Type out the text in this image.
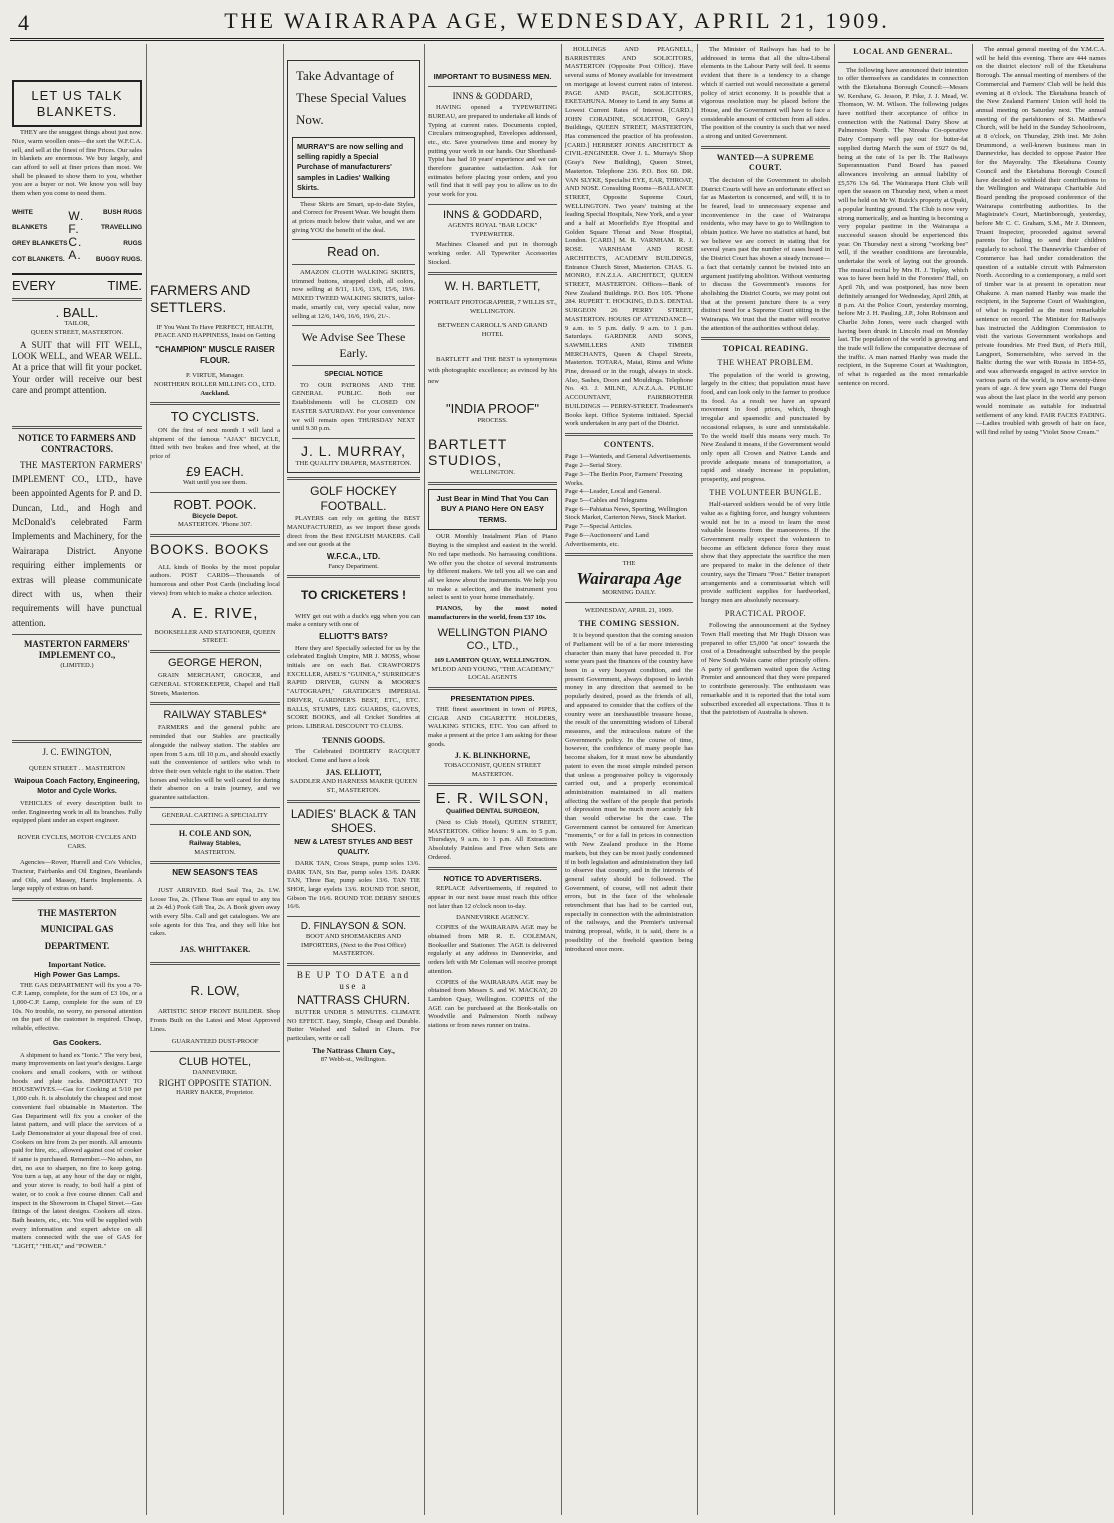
4	THE WAIRARAPA AGE, WEDNESDAY, APRIL 21, 1909.
LET US TALK BLANKETS.

THEY are the snuggest things about just now. Nice, warm woollen ones—the sort the W.F.C.A. sell, and sell at the finest of fine Prices. Our sales in blankets are enormous. We buy largely, and can afford to sell at finer prices than most. We shall be pleased to show them to you, whether you are a buyer or not. We know you will buy them when you come to need them.

WHITE BLANKETS
GREY BLANKETS
COT BLANKETS.
W.F.C.A.
BUSH RUGS
TRAVELLING RUGS
BUGGY RUGS.
EVERY	TIME.
. BALL.
TAILOR,
QUEEN STREET, MASTERTON.

A SUIT that will FIT WELL, LOOK WELL, and WEAR WELL. At a price that will fit your pocket. Your order will receive our best care and prompt attention.

NOTICE TO FARMERS AND CONTRACTORS.

THE MASTERTON FARMERS' IMPLEMENT CO., LTD., have been appointed Agents for P. and D. Duncan, Ltd., and Hogh and McDonald's celebrated Farm Implements and Machinery, for the Wairarapa District. Anyone requiring either implements or extras will please communicate direct with us, when their requirements will have punctual attention.

MASTERTON FARMERS' IMPLEMENT CO.,
(LIMITED.)
J. C. EWINGTON,
QUEEN STREET . . MASTERTON
Waipoua Coach Factory, Engineering, Motor and Cycle Works.

VEHICLES of every description built to order. Engineering work in all its branches. Fully equipped plant under an expert engineer.

ROVER CYCLES, MOTOR CYCLES AND CARS.

Agencies—Rover, Hurrell and Co's Vehicles, Tracteur, Fairbanks and Oil Engines, Beanlands and Oils, and Massey, Harris Implements. A large supply of extras on hand.

THE MASTERTON MUNICIPAL GAS DEPARTMENT.
Important Notice.
High Power Gas Lamps.

THE GAS DEPARTMENT will fix you a 70-C.P. Lamp, complete, for the sum of £3 10s, or a 1,000-C.P. Lamp, complete for the sum of £9 10s. No trouble, no worry, no personal attention on the part of the customer is required. Cheap, reliable, effective.

Gas Cookers.

A shipment to hand ex "Ionic." The very best, many improvements on last year's designs. Large cookers and small cookers, with or without hoods and plate racks. IMPORTANT TO HOUSEWIVES.—Gas for Cooking at 5/10 per 1,000 cub. ft. is absolutely the cheapest and most convenient fuel obtainable in Masterton. The Gas Department will fix you a cooker of the latest pattern, and will place the services of a Lady Demonstrator at your disposal free of cost. Cookers on hire from 2s per month. All amounts paid for hire, etc., allowed against cost of cooker if same is purchased. Remember.—No ashes, no dirt, no axe to sharpen, no fire to keep going. You turn a tap, at any hour of the day or night, and your stove is ready, to boil half a pint of water, or to cook a five course dinner. Call and inspect in the Showroom in Chapel Street.—Gas fittings of the latest designs. Cookers all sizes. Bath heaters, etc., etc. You will be supplied with every information and expert advice on all matters connected with the use of GAS for "LIGHT," "HEAT," and "POWER."

FARMERS AND SETTLERS.

IF You Want To Have PERFECT, HEALTH, PEACE AND HAPPINESS, Insist on Getting

"CHAMPION" MUSCLE RAISER FLOUR.
P. VIRTUE, Manager.
NORTHERN ROLLER MILLING CO., LTD.
Auckland.
TO CYCLISTS.

ON the first of next month I will land a shipment of the famous "AJAX" BICYCLE, fitted with two brakes and free wheel, at the price of

£9 EACH.
Wait until you see them.
ROBT. POOK.
Bicycle Depot.
MASTERTON. 'Phone 307.
BOOKS. BOOKS

ALL kinds of Books by the most popular authors. POST CARDS—Thousands of humorous and other Post Cards (including local views) from which to make a choice selection.

A. E. RIVE,
BOOKSELLER AND STATIONER, QUEEN STREET.
GEORGE HERON,

GRAIN MERCHANT, GROCER, and GENERAL STOREKEEPER, Chapel and Hall Streets, Masterton.

RAILWAY STABLES*

FARMERS and the general public are reminded that our Stables are practically alongside the railway station. The stables are open from 5 a.m. till 10 p.m., and should exactly suit the convenience of settlers who wish to drive their own vehicle right to the station. Their horses and vehicles will be well cared for during their absence on a train journey, and we guarantee satisfaction.

GENERAL CARTING A SPECIALITY
H. COLE AND SON,
Railway Stables,
MASTERTON.
NEW SEASON'S TEAS

JUST ARRIVED. Red Seal Tea, 2s. I.W. Loose Tea, 2s. (These Teas are equal to any tea at 2s 4d.) Pook Gift Tea, 2s. A Book given away with every 5lbs. Call and get catalogues. We are sole agents for this Tea, and they sell like hot cakes.

JAS. WHITTAKER.
R. LOW,

ARTISTIC SHOP FRONT BUILDER. Shop Fronts Built on the Latest and Most Approved Lines.

GUARANTEED DUST-PROOF
CLUB HOTEL,
DANNEVIRKE.
RIGHT OPPOSITE STATION.
HARRY BAKER, Proprietor.
Take Advantage of These Special Values Now.
MURRAY'S are now selling and selling rapidly a Special Purchase of manufacturers' samples in Ladies' Walking Skirts.

These Skirts are Smart, up-to-date Styles, and Correct for Present Wear. We bought them at prices much below their value, and we are giving YOU the benefit of the deal.

Read on.

AMAZON CLOTH WALKING SKIRTS, trimmed buttons, strapped cloth, all colors, now selling at 8/11, 11/6, 13/6, 15/6, 19/6. MIXED TWEED WALKING SKIRTS, tailor-made, smartly cut, very special value, now selling at 12/6, 14/6, 16/6, 19/6, 21/-.

We Advise See These Early.
SPECIAL NOTICE

TO OUR PATRONS AND THE GENERAL PUBLIC. Both our Establishments will be CLOSED ON EASTER SATURDAY. For your convenience we will remain open THURSDAY NEXT until 9.30 p.m.

J. L. MURRAY,
THE QUALITY DRAPER, MASTERTON.
GOLF HOCKEY FOOTBALL.

PLAYERS can rely on getting the BEST MANUFACTURED, as we import these goods direct from the Best ENGLISH MAKERS. Call and see our goods at the

W.F.C.A., LTD.
Fancy Department.
TO CRICKETERS !

WHY get out with a duck's egg when you can make a century with one of

ELLIOTT'S BATS?

Here they are! Specially selected for us by the celebrated English Umpire, MR J. MOSS, whose initials are on each Bat. CRAWFORD'S EXCELLER, ABEL'S "GUINEA," SURRIDGE'S RAPID DRIVER, GUNN & MOORE'S "AUTOGRAPH," GRATIDGE'S IMPERIAL DRIVER, GARDNER'S BEST, ETC., ETC. BALLS, STUMPS, LEG GUARDS, GLOVES, SCORE BOOKS, and all Cricket Sundries at prices. LIBERAL DISCOUNT TO CLUBS.

TENNIS GOODS.

The Celebrated DOHERTY RACQUET stocked. Come and have a look

JAS. ELLIOTT,
SADDLER AND HARNESS MAKER QUEEN ST., MASTERTON.
LADIES' BLACK & TAN SHOES.
NEW & LATEST STYLES AND BEST QUALITY.

DARK TAN, Cross Straps, pump soles 13/6. DARK TAN, Six Bar, pump soles 13/6. DARK TAN, Three Bar, pump soles 13/6. TAN TIE SHOE, large eyelets 13/6. ROUND TOE SHOE, Gibson Tie 16/6. ROUND TOE DERBY SHOES 16/6.

D. FINLAYSON & SON.
BOOT AND SHOEMAKERS AND IMPORTERS, (Next to the Post Office) MASTERTON.
BE UP TO DATE and use a
NATTRASS CHURN.

BUTTER UNDER 5 MINUTES. CLIMATE NO EFFECT. Easy, Simple, Cheap and Durable. Butter Washed and Salted in Churn. For particulars, write or call

The Nattrass Churn Coy.,
87 Webb-st., Wellington.
IMPORTANT TO BUSINESS MEN.
INNS & GODDARD,

HAVING opened a TYPEWRITING BUREAU, are prepared to undertake all kinds of Typing at current rates. Documents copied, Circulars mimeographed, Envelopes addressed, etc., etc. Save yourselves time and money by putting your work in our hands. Our Shorthand-Typist has had 10 years' experience and we can therefore guarantee satisfaction. Ask for estimates before placing your orders, and you will find that it will pay you to allow us to do your work for you.

INNS & GODDARD,
AGENTS ROYAL "BAR LOCK" TYPEWRITER.

Machines Cleaned and put in thorough working order. All Typewriter Accessories Stocked.

W. H. BARTLETT,
PORTRAIT PHOTOGRAPHER, 7 WILLIS ST., WELLINGTON.
BETWEEN CARROLL'S AND GRAND HOTEL

BARTLETT and THE BEST is synonymous with photographic excellence; as evinced by his new

"INDIA PROOF"
PROCESS.
BARTLETT STUDIOS,
WELLINGTON.
Just Bear in Mind That You Can BUY A PIANO Here ON EASY TERMS.

OUR Monthly Instalment Plan of Piano Buying is the simplest and easiest in the world. No red tape methods. No harrassing conditions. We offer you the choice of several instruments by different makers. We tell you all we can and all we know about the instruments. We help you to make a selection, and the instrument you select is sent to your home immediately.

PIANOS, by the most noted manufacturers in the world, from £37 10s.

WELLINGTON PIANO CO., LTD.,
169 LAMBTON QUAY, WELLINGTON.
M'LEOD AND YOUNG, "THE ACADEMY," LOCAL AGENTS
PRESENTATION PIPES.

THE finest assortment in town of PIPES, CIGAR AND CIGARETTE HOLDERS, WALKING STICKS, ETC. You can afford to make a present at the price I am asking for these goods.

J. K. BLINKHORNE,
TOBACCONIST, QUEEN STREET MASTERTON.
E. R. WILSON,
Qualified DENTAL SURGEON,

(Next to Club Hotel), QUEEN STREET, MASTERTON. Office hours: 9 a.m. to 5 p.m. Thursdays, 9 a.m. to 1 p.m. All Extractions Absolutely Painless and Free when Sets are Ordered.

NOTICE TO ADVERTISERS.

REPLACE Advertisements, if required to appear in our next issue must reach this office not later than 12 o'clock noon to-day.

DANNEVIRKE AGENCY.

COPIES of the WAIRARAPA AGE may be obtained from MR R. E. COLEMAN, Bookseller and Stationer. The AGE is delivered regularly at any address in Dannevirke, and orders left with Mr Coleman will receive prompt attention.

COPIES of the WAIRARAPA AGE may be obtained from Messrs S. and W. MACKAY, 20 Lambton Quay, Wellington. COPIES of the AGE can be purchased at the Book-stalls on Woodville and Palmerston North railway stations or from news runner on trains.

HOLLINGS AND PEAGNELL, BARRISTERS AND SOLICITORS, MASTERTON (Opposite Post Office). Have several sums of Money available for investment on mortgage at lowest current rates of interest. PAGE AND PAGE, SOLICITORS, EKETAHUNA. Money to Lend in any Sums at Lowest Current Rates of Interest. [CARD.] JOHN CORADINE, SOLICITOR, Grey's Buildings, QUEEN STREET, MASTERTON, Has commenced the practice of his profession. [CARD.] HERBERT JONES ARCHITECT & CIVIL-ENGINEER. Over J. L. Murray's Shop (Gray's New Building), Queen Street, Masterton. Telephone 236. P.O. Box 60. DR. VAN SLYKE, Specialist EYE, EAR, THROAT, AND NOSE. Consulting Rooms—BALLANCE STREET, Opposite Supreme Court, WELLINGTON. Two years' training at the leading Special Hospitals, New York, and a year and a half at Moorfield's Eye Hospital and Golden Square Throat and Nose Hospital, London. [CARD.] M. R. VARNHAM. R. J. ROSE. VARNHAM AND ROSE ARCHITECTS, ACADEMY BUILDINGS, Entrance Church Street, Masterton. CHAS. G. MONRO, F.N.Z.I.A. ARCHITECT, QUEEN STREET, MASTERTON. Offices—Bank of New Zealand Buildings. P.O. Box 105. 'Phone 284. RUPERT T. HOCKING, D.D.S. DENTAL SURGEON 26 PERRY STREET, MASTERTON. HOURS OF ATTENDANCE—9 a.m. to 5 p.m. daily. 9 a.m. to 1 p.m. Saturdays. GARDNER AND SONS, SAWMILLERS AND TIMBER MERCHANTS, Queen & Chapel Streets, Masterton. TOTARA, Matai, Rimu and White Pine, dressed or in the rough, always in stock. Also, Sashes, Doors and Mouldings. Telephone No. 43. J. MILNE, A.N.Z.A.A. PUBLIC ACCOUNTANT, FAIRBROTHER BUILDINGS — PERRY-STREET. Tradesmen's Books kept. Office Systems initiated. Special work undertaken in any part of the District.

CONTENTS.
Page 1—Wanteds, and General Advertisements.
Page 2—Serial Story.
Page 3—The Berlin Poor, Farmers' Freezing Works.
Page 4—Leader, Local and General.
Page 5—Cables and Telegrams
Page 6—Pahiatua News, Sporting, Wellington Stock Market, Carterton News, Stock Market.
Page 7—Special Articles.
Page 8—Auctioneers' and Land Advertisements, etc.
THE
Wairarapa Age
MORNING DAILY.
WEDNESDAY, APRIL 21, 1909.
THE COMING SESSION.

It is beyond question that the coming session of Parliament will be of a far more interesting character than many that have preceded it. For some years past the finances of the country have been in a very buoyant condition, and the present Government, always disposed to lavish money in any direction that seemed to be popularly desired, posed as the friends of all, and appeared to consider that the coffers of the country were an inexhaustible treasure house, the result of the unremitting wisdom of Liberal measures, and the miraculous nature of the Government's policy. In the course of time, however, the confidence of many people has become shaken, for it must now be abundantly patent to even the most simple minded person that unless a progressive policy is vigorously carried out, and a properly economical administration maintained in all matters affecting the welfare of the people that periods of depression must be much more acutely felt than would otherwise be the case. The Government cannot be censured for American "moments," or for a fall in prices in connection with New Zealand produce in the Home markets, but they can be most justly condemned if in both legislation and administration they fail to observe that country, and in the interests of general safety should be followed. The Government, of course, will not admit their errors, but in the face of the wholesale retrenchment that has had to be carried out, especially in connection with the administration of the railways, and the Premier's universal training proposal, while, it is said, there is a possibility of the freehold question being introduced once more.

The Minister of Railways has had to be addressed in terms that all the ultra-Liberal elements in the Labour Party will feel. It seems evident that there is a tendency to a change which if carried out would necessitate a general policy of strict economy. It is possible that a vigorous resolution may be placed before the House, and the Government will have to face a considerable amount of criticism from all sides. The position of the country is such that we need a strong and united Government.

WANTED—A SUPREME COURT.

The decision of the Government to abolish District Courts will have an unfortunate effect so far as Masterton is concerned, and will, it is to be feared, lead to unnecessary expense and inconvenience in the case of Wairarapa residents, who may have to go to Wellington to obtain justice. We have no statistics at hand, but we believe we are correct in stating that for several years past the number of cases heard in the District Court has shown a steady increase—a fact that certainly cannot be twisted into an argument justifying abolition. Without venturing to discuss the Government's reasons for abolishing the District Courts, we may point out that at the present juncture there is a very distinct need for a Supreme Court sitting in the Wairarapa. We trust that the matter will receive the attention of the authorities without delay.

TOPICAL READING.
THE WHEAT PROBLEM.

The population of the world is growing, largely in the cities; that population must have food, and can look only to the farmer to produce its food. As a result we have an upward movement in food prices, which, though irregular and spasmodic and punctuated by occasional relapses, is sure and unmistakable. To the world itself this means very much. To New Zealand it means, if the Government would only open all Crown and Native Lands and provide adequate means of transportation, a rapid and steady increase in population, prosperity, and progress.

THE VOLUNTEER BUNGLE.

Half-starved soldiers would be of very little value as a fighting force, and hungry volunteers would not be in a mood to learn the most valuable lessons from the manoeuvres. If the Government really expect the volunteers to become an efficient defence force they must show that they appreciate the sacrifice the men are prepared to make in the defence of their country, says the Timaru "Post." Better transport arrangements and a commissariat which will provide sufficient supplies for hardworked, hungry men are absolutely necessary.

PRACTICAL PROOF.

Following the announcement at the Sydney Town Hall meeting that Mr Hugh Dixson was prepared to offer £5,000 "at once" towards the cost of a Dreadnought subscribed by the people of New South Wales came other princely offers. A party of gentlemen waited upon the Acting Premier and announced that they were prepared to contribute generously. The enthusiasm was remarkable and it is reported that the total sum subscribed exceeded all expectations. Thus it is that the patriotism of Australia is shown.

LOCAL AND GENERAL.

The following have announced their intention to offer themselves as candidates in connection with the Eketahuna Borough Council:—Messrs W. Kershaw, G. Jesson, P. Fike, J. J. Mead, W. Thomson, W. M. Wilson. The following judges have notified their acceptance of office in connection with the National Dairy Show at Palmerston North. The Nireaha Co-operative Dairy Company will pay out for butter-fat supplied during March the sum of £927 0s 9d, being at the rate of 1s per lb. The Railways Superannuation Fund Board has passed allowances involving an annual liability of £5,576 13s 6d. The Wairarapa Hunt Club will open the season on Thursday next, when a meet will be held on Mr W. Buick's property at Opaki, a popular hunting ground. The Club is now very strong numerically, and as hunting is becoming a very popular pastime in the Wairarapa a successful season should be experienced this year. On Thursday next a strong "working bee" will, if the weather conditions are favourable, undertake the work of laying out the grounds. The musical recital by Mrs H. J. Teplay, which was to have been held in the Foresters' Hall, on April 7th, and was postponed, has now been definitely arranged for Wednesday, April 28th, at 8 p.m. At the Police Court, yesterday morning, before Mr J. H. Pauling, J.P., John Robinson and Charlie John Jones, were each charged with having been drunk in Lincoln road on Monday last. The population of the world is growing and the trade will follow the comparative decrease of the traffic. A man named Hanby was made the recipient, in the Supreme Court at Washington, of what is regarded as the most remarkable sentence on record.

The annual general meeting of the Y.M.C.A. will be held this evening. There are 444 names on the district electors' roll of the Eketahuna Borough. The annual meeting of members of the Commercial and Farmers' Club will be held this evening at 8 o'clock. The Eketahuna branch of the New Zealand Farmers' Union will hold its annual meeting on Saturday next. The annual meeting of the parishioners of St. Matthew's Church, will be held in the Sunday Schoolroom, at 8 o'clock, on Thursday, 29th inst. Mr John Drummond, a well-known business man in Dannevirke, has decided to oppose Pastor Hee for the Mayoralty. The Eketahuna County Council and the Eketahuna Borough Council have decided to withhold their contributions to the Wellington and Wairarapa Charitable Aid Board pending the proposed conference of the Wairarapa contributing authorities. In the Magistrate's Court, Martinborough, yesterday, before Mr C. C. Graham, S.M., Mr J. Dinneen, Truant Inspector, proceeded against several parents for failing to send their children regularly to school. The Dannevirke Chamber of Commerce has had under consideration the question of a suitable circuit with Palmerston North. According to a contemporary, a mild sort of timber war is at present in operation near Ohakune. A man named Hanby was made the recipient, in the Supreme Court of Washington, of what is regarded as the most remarkable sentence on record. The Minister for Railways has instructed the Addington Commission to visit the various Government workshops and private foundries. Mr Fred Butt, of Pict's Hill, Langport, Somersetshire, who served in the Baltic during the war with Russia in 1854-55, and was afterwards engaged in active service in various parts of the world, is now seventy-three years of age. A few years ago Tierra del Fuego was about the last place in the world any person would nominate as suitable for industrial settlement of any kind. FAIR FACES FADING.—Ladies troubled with growth of hair on face, will find relief by using "Violet Snow Cream."
